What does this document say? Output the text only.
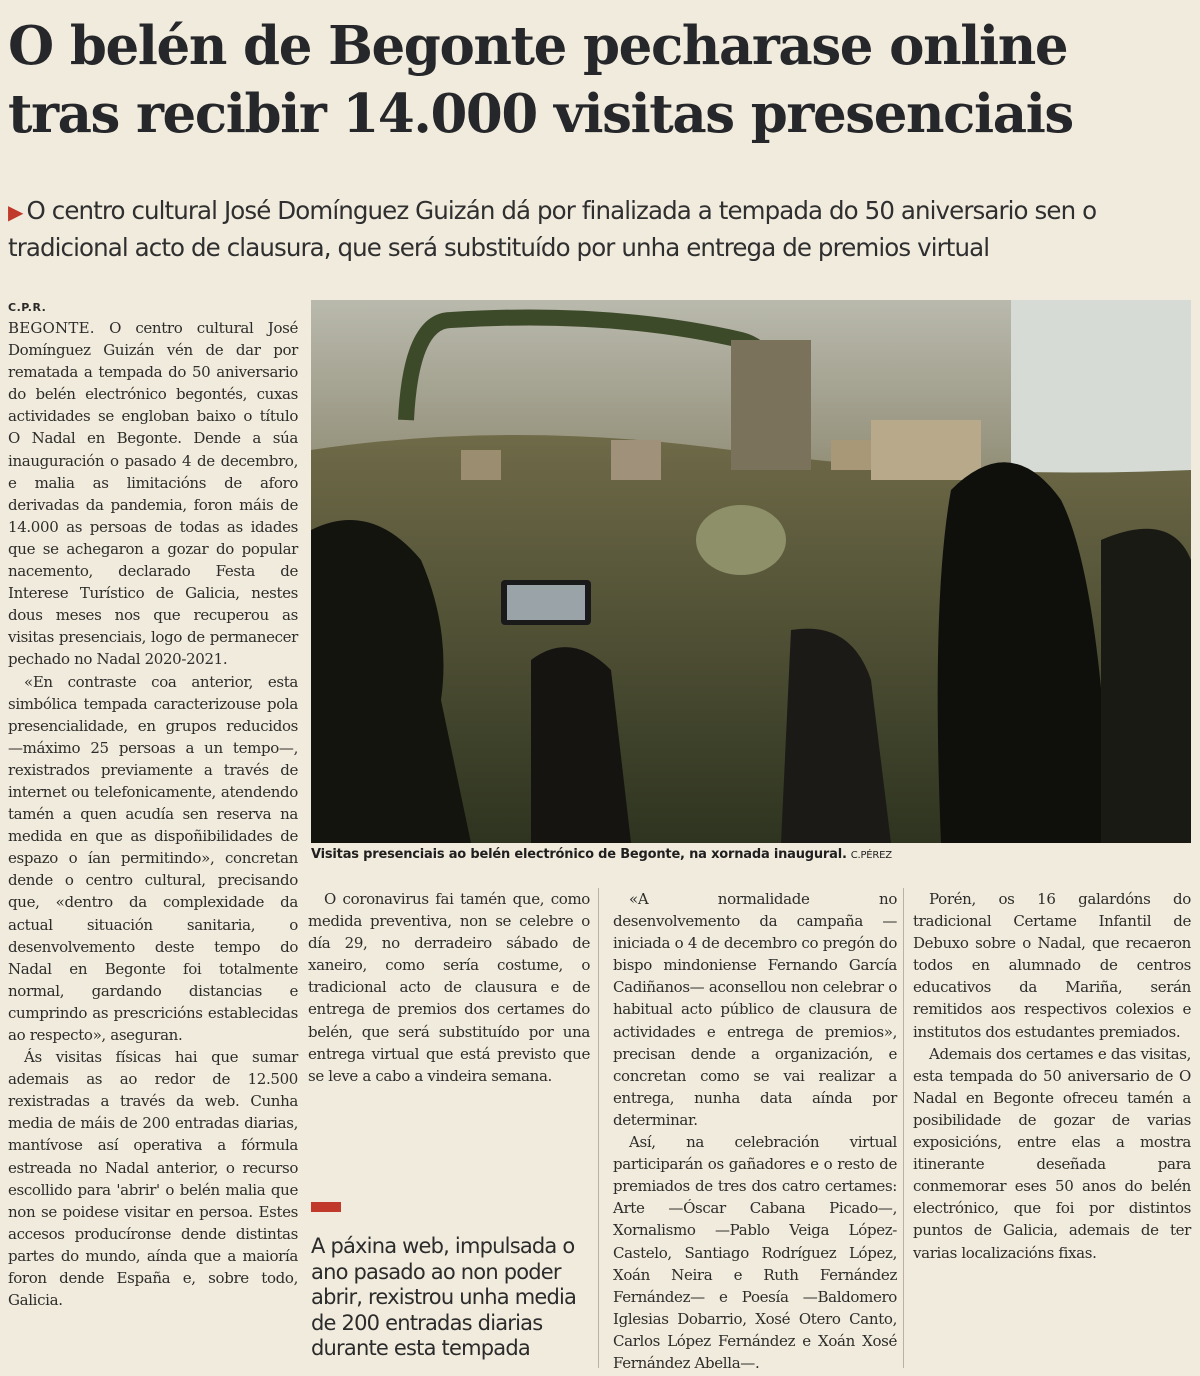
O belén de Begonte pecharase online tras recibir 14.000 visitas presenciais
▶ O centro cultural José Domínguez Guizán dá por finalizada a tempada do 50 aniversario sen o tradicional acto de clausura, que será substituído por unha entrega de premios virtual
C.P.R.

BEGONTE. O centro cultural José Domínguez Guizán vén de dar por rematada a tempada do 50 aniversario do belén electrónico begontés, cuxas actividades se engloban baixo o título O Nadal en Begonte. Dende a súa inauguración o pasado 4 de decembro, e malia as limitacións de aforo derivadas da pandemia, foron máis de 14.000 as persoas de todas as idades que se achegaron a gozar do popular nacemento, declarado Festa de Interese Turístico de Galicia, nestes dous meses nos que recuperou as visitas presenciais, logo de permanecer pechado no Nadal 2020-2021.

«En contraste coa anterior, esta simbólica tempada caracterizouse pola presencialidade, en grupos reducidos —máximo 25 persoas a un tempo—, rexistrados previamente a través de internet ou telefonicamente, atendendo tamén a quen acudía sen reserva na medida en que as dispoñibilidades de espazo o ían permitindo», concretan dende o centro cultural, precisando que, «dentro da complexidade da actual situación sanitaria, o desenvolvemento deste tempo do Nadal en Begonte foi totalmente normal, gardando distancias e cumprindo as prescricións establecidas ao respecto», aseguran.

Ás visitas físicas hai que sumar ademais as ao redor de 12.500 rexistradas a través da web. Cunha media de máis de 200 entradas diarias, mantívose así operativa a fórmula estreada no Nadal anterior, o recurso escollido para 'abrir' o belén malia que non se poidese visitar en persoa. Estes accesos producíronse dende distintas partes do mundo, aínda que a maioría foron dende España e, sobre todo, Galicia.

Visitas presenciais ao belén electrónico de Begonte, na xornada inaugural. C.PÉREZ

O coronavirus fai tamén que, como medida preventiva, non se celebre o día 29, no derradeiro sábado de xaneiro, como sería costume, o tradicional acto de clausura e de entrega de premios dos certames do belén, que será substituído por una entrega virtual que está previsto que se leve a cabo a vindeira semana.

A páxina web, impulsada o ano pasado ao non poder abrir, rexistrou unha media de 200 entradas diarias durante esta tempada

«A normalidade no desenvolvemento da campaña —iniciada o 4 de decembro co pregón do bispo mindoniense Fernando García Cadiñanos— aconsellou non celebrar o habitual acto público de clausura de actividades e entrega de premios», precisan dende a organización, e concretan como se vai realizar a entrega, nunha data aínda por determinar.

Así, na celebración virtual participarán os gañadores e o resto de premiados de tres dos catro certames: Arte —Óscar Cabana Picado—, Xornalismo —Pablo Veiga López-Castelo, Santiago Rodríguez López, Xoán Neira e Ruth Fernández Fernández— e Poesía —Baldomero Iglesias Dobarrio, Xosé Otero Canto, Carlos López Fernández e Xoán Xosé Fernández Abella—.

Porén, os 16 galardóns do tradicional Certame Infantil de Debuxo sobre o Nadal, que recaeron todos en alumnado de centros educativos da Mariña, serán remitidos aos respectivos colexios e institutos dos estudantes premiados.

Ademais dos certames e das visitas, esta tempada do 50 aniversario de O Nadal en Begonte ofreceu tamén a posibilidade de gozar de varias exposicións, entre elas a mostra itinerante deseñada para conmemorar eses 50 anos do belén electrónico, que foi por distintos puntos de Galicia, ademais de ter varias localizacións fixas.
